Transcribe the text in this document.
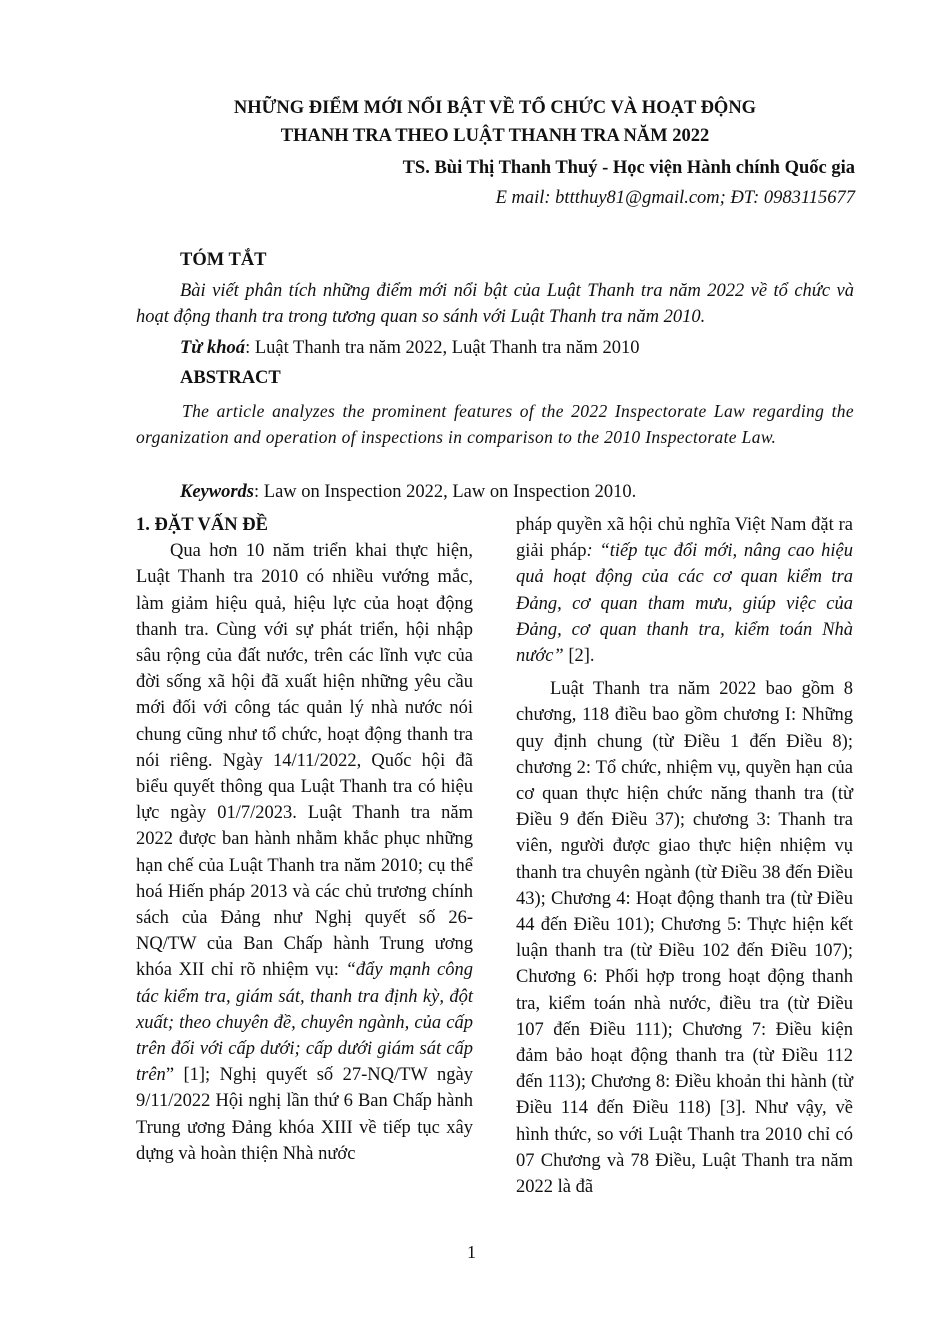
NHỮNG ĐIỂM MỚI NỔI BẬT VỀ TỔ CHỨC VÀ HOẠT ĐỘNG
THANH TRA THEO LUẬT THANH TRA NĂM 2022
TS. Bùi Thị Thanh Thuý - Học viện Hành chính Quốc gia
E mail: bttthuy81@gmail.com; ĐT: 0983115677
TÓM TẮT
Bài viết phân tích những điểm mới nổi bật của Luật Thanh tra năm 2022 về tổ chức và hoạt động thanh tra trong tương quan so sánh với Luật Thanh tra năm 2010.
Từ khoá: Luật Thanh tra năm 2022, Luật Thanh tra năm 2010
ABSTRACT
The article analyzes the prominent features of the 2022 Inspectorate Law regarding the organization and operation of inspections in comparison to the 2010 Inspectorate Law.
Keywords: Law on Inspection 2022, Law on Inspection 2010.

1. ĐẶT VẤN ĐỀ

Qua hơn 10 năm triển khai thực hiện, Luật Thanh tra 2010 có nhiều vướng mắc, làm giảm hiệu quả, hiệu lực của hoạt động thanh tra. Cùng với sự phát triển, hội nhập sâu rộng của đất nước, trên các lĩnh vực của đời sống xã hội đã xuất hiện những yêu cầu mới đối với công tác quản lý nhà nước nói chung cũng như tổ chức, hoạt động thanh tra nói riêng. Ngày 14/11/2022, Quốc hội đã biểu quyết thông qua Luật Thanh tra có hiệu lực ngày 01/7/2023. Luật Thanh tra năm 2022 được ban hành nhằm khắc phục những hạn chế của Luật Thanh tra năm 2010; cụ thể hoá Hiến pháp 2013 và các chủ trương chính sách của Đảng như Nghị quyết số 26-NQ/TW của Ban Chấp hành Trung ương khóa XII chỉ rõ nhiệm vụ: “đẩy mạnh công tác kiểm tra, giám sát, thanh tra định kỳ, đột xuất; theo chuyên đề, chuyên ngành, của cấp trên đối với cấp dưới; cấp dưới giám sát cấp trên” [1]; Nghị quyết số 27-NQ/TW ngày 9/11/2022 Hội nghị lần thứ 6 Ban Chấp hành Trung ương Đảng khóa XIII về tiếp tục xây dựng và hoàn thiện Nhà nước

pháp quyền xã hội chủ nghĩa Việt Nam đặt ra giải pháp: “tiếp tục đổi mới, nâng cao hiệu quả hoạt động của các cơ quan kiểm tra Đảng, cơ quan tham mưu, giúp việc của Đảng, cơ quan thanh tra, kiểm toán Nhà nước” [2].

Luật Thanh tra năm 2022 bao gồm 8 chương, 118 điều bao gồm chương I: Những quy định chung (từ Điều 1 đến Điều 8); chương 2: Tổ chức, nhiệm vụ, quyền hạn của cơ quan thực hiện chức năng thanh tra (từ Điều 9 đến Điều 37); chương 3: Thanh tra viên, người được giao thực hiện nhiệm vụ thanh tra chuyên ngành (từ Điều 38 đến Điều 43); Chương 4: Hoạt động thanh tra (từ Điều 44 đến Điều 101); Chương 5: Thực hiện kết luận thanh tra (từ Điều 102 đến Điều 107); Chương 6: Phối hợp trong hoạt động thanh tra, kiểm toán nhà nước, điều tra (từ Điều 107 đến Điều 111); Chương 7: Điều kiện đảm bảo hoạt động thanh tra (từ Điều 112 đến 113); Chương 8: Điều khoản thi hành (từ Điều 114 đến Điều 118) [3]. Như vậy, về hình thức, so với Luật Thanh tra 2010 chỉ có 07 Chương và 78 Điều, Luật Thanh tra năm 2022 là đã

1
